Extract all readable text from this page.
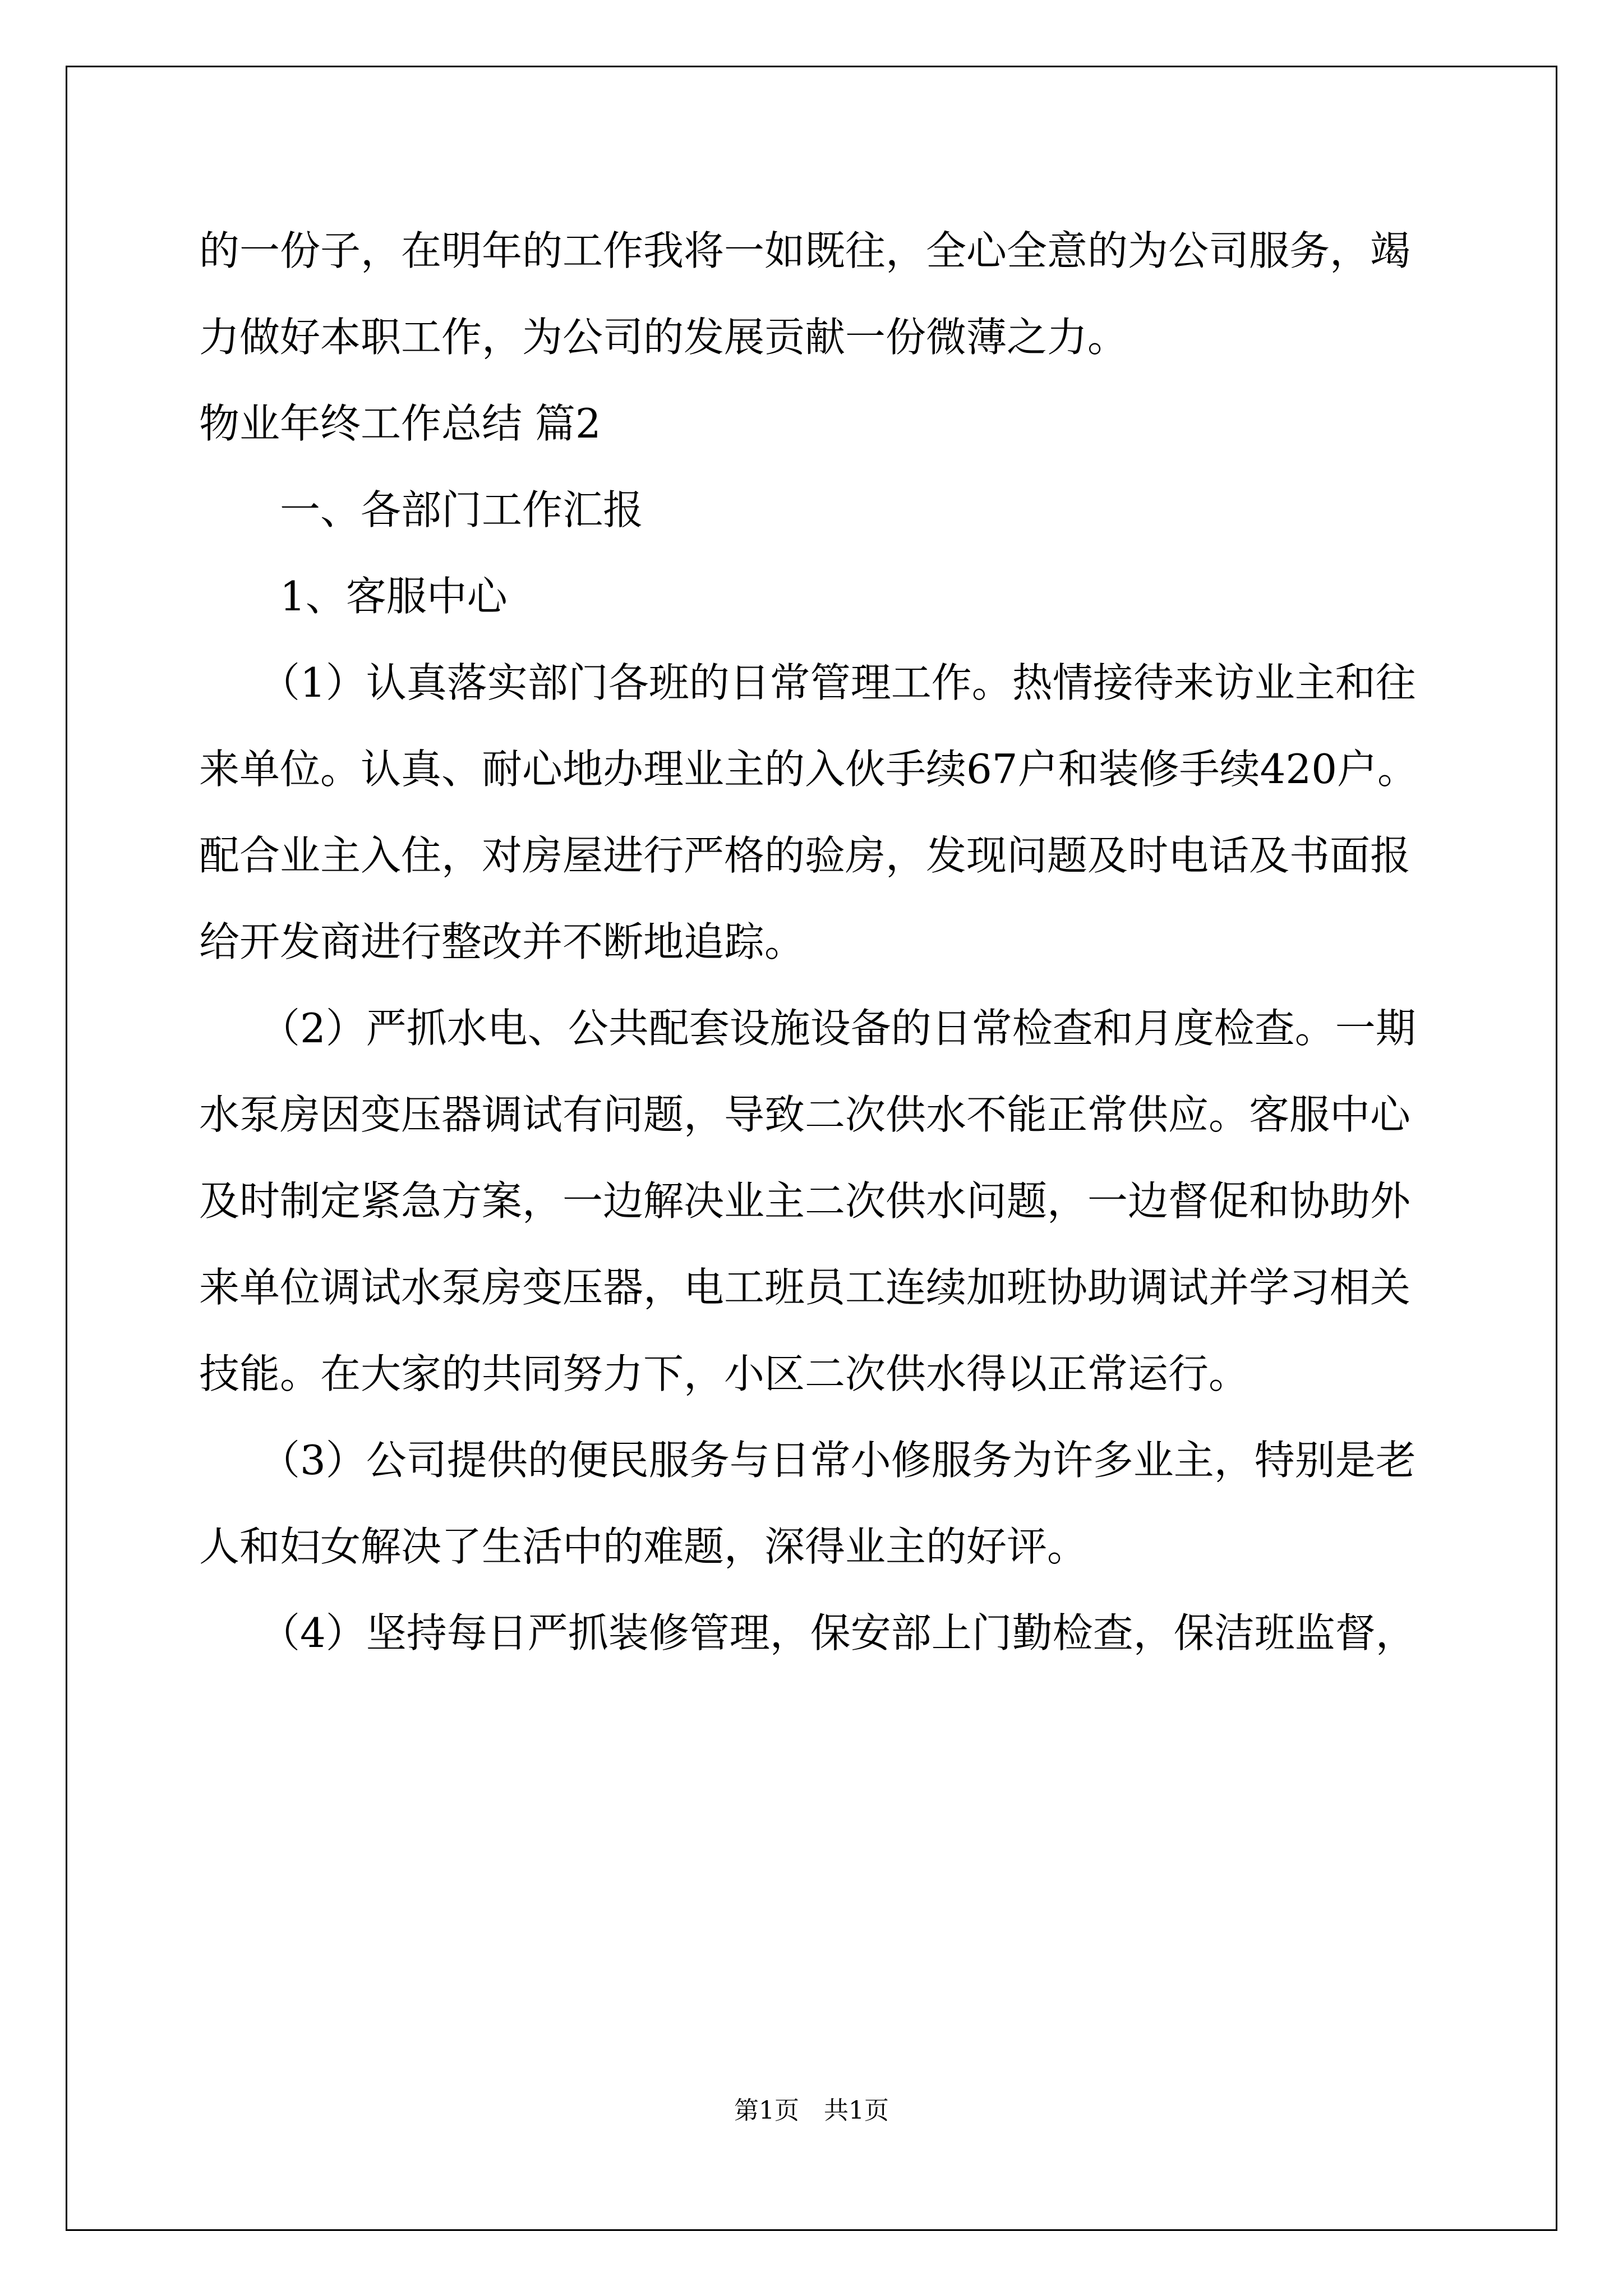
的一份子，在明年的工作我将一如既往，全心全意的为公司服务，竭
力做好本职工作，为公司的发展贡献一份微薄之力。
物业年终工作总结 篇2
　　一、各部门工作汇报
　　1、客服中心
　　（1）认真落实部门各班的日常管理工作。热情接待来访业主和往
来单位。认真、耐心地办理业主的入伙手续67户和装修手续420户。
配合业主入住，对房屋进行严格的验房，发现问题及时电话及书面报
给开发商进行整改并不断地追踪。
　　（2）严抓水电、公共配套设施设备的日常检查和月度检查。一期
水泵房因变压器调试有问题，导致二次供水不能正常供应。客服中心
及时制定紧急方案，一边解决业主二次供水问题，一边督促和协助外
来单位调试水泵房变压器，电工班员工连续加班协助调试并学习相关
技能。在大家的共同努力下，小区二次供水得以正常运行。
　　（3）公司提供的便民服务与日常小修服务为许多业主，特别是老
人和妇女解决了生活中的难题，深得业主的好评。
　　（4）坚持每日严抓装修管理，保安部上门勤检查，保洁班监督，
第1页　共1页
